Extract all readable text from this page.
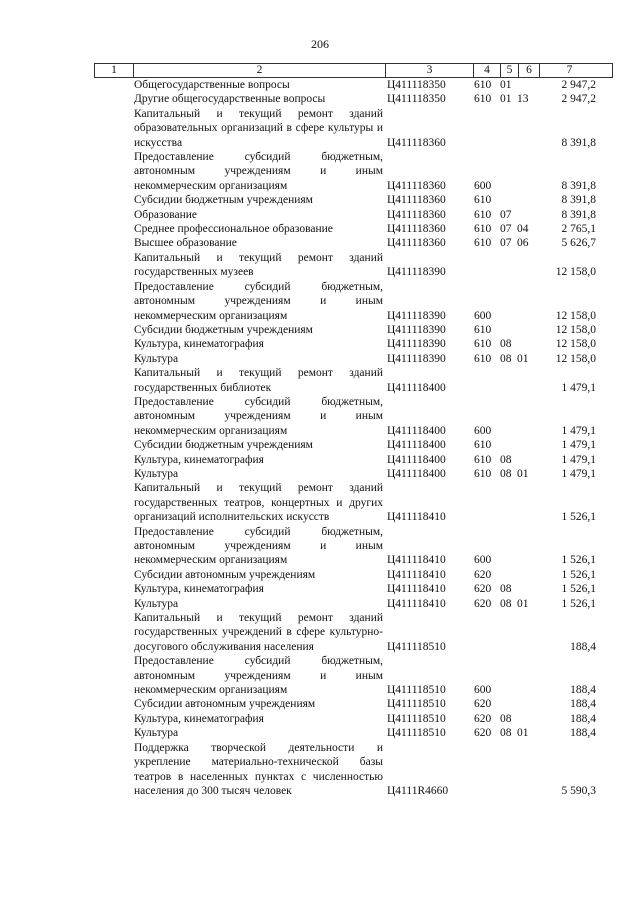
206
1	2	3	4	5	6	7
Общегосударственные вопросы	Ц411118350	610 01	2 947,2
Другие общегосударственные вопросы	Ц411118350	610 01 13	2 947,2
Капитальный и текущий ремонт зданий образовательных организаций в сфере культуры и искусства	Ц411118360	8 391,8
Предоставление субсидий бюджетным, автономным учреждениям и иным некоммерческим организациям	Ц411118360	600	8 391,8
Субсидии бюджетным учреждениям	Ц411118360	610	8 391,8
Образование	Ц411118360	610 07	8 391,8
Среднее профессиональное образование	Ц411118360	610 07 04	2 765,1
Высшее образование	Ц411118360	610 07 06	5 626,7
Капитальный и текущий ремонт зданий государственных музеев	Ц411118390	12 158,0
Предоставление субсидий бюджетным, автономным учреждениям и иным некоммерческим организациям	Ц411118390	600	12 158,0
Субсидии бюджетным учреждениям	Ц411118390	610	12 158,0
Культура, кинематография	Ц411118390	610 08	12 158,0
Культура	Ц411118390	610 08 01	12 158,0
Капитальный и текущий ремонт зданий государственных библиотек	Ц411118400	1 479,1
Предоставление субсидий бюджетным, автономным учреждениям и иным некоммерческим организациям	Ц411118400	600	1 479,1
Субсидии бюджетным учреждениям	Ц411118400	610	1 479,1
Культура, кинематография	Ц411118400	610 08	1 479,1
Культура	Ц411118400	610 08 01	1 479,1
Капитальный и текущий ремонт зданий государственных театров, концертных и других организаций исполнительских искусств	Ц411118410	1 526,1
Предоставление субсидий бюджетным, автономным учреждениям и иным некоммерческим организациям	Ц411118410	600	1 526,1
Субсидии автономным учреждениям	Ц411118410	620	1 526,1
Культура, кинематография	Ц411118410	620 08	1 526,1
Культура	Ц411118410	620 08 01	1 526,1
Капитальный и текущий ремонт зданий государственных учреждений в сфере культурно-досугового обслуживания населения	Ц411118510	188,4
Предоставление субсидий бюджетным, автономным учреждениям и иным некоммерческим организациям	Ц411118510	600	188,4
Субсидии автономным учреждениям	Ц411118510	620	188,4
Культура, кинематография	Ц411118510	620 08	188,4
Культура	Ц411118510	620 08 01	188,4
Поддержка творческой деятельности и укрепление материально-технической базы театров в населенных пунктах с численностью населения до 300 тысяч человек	Ц4111R4660	5 590,3
